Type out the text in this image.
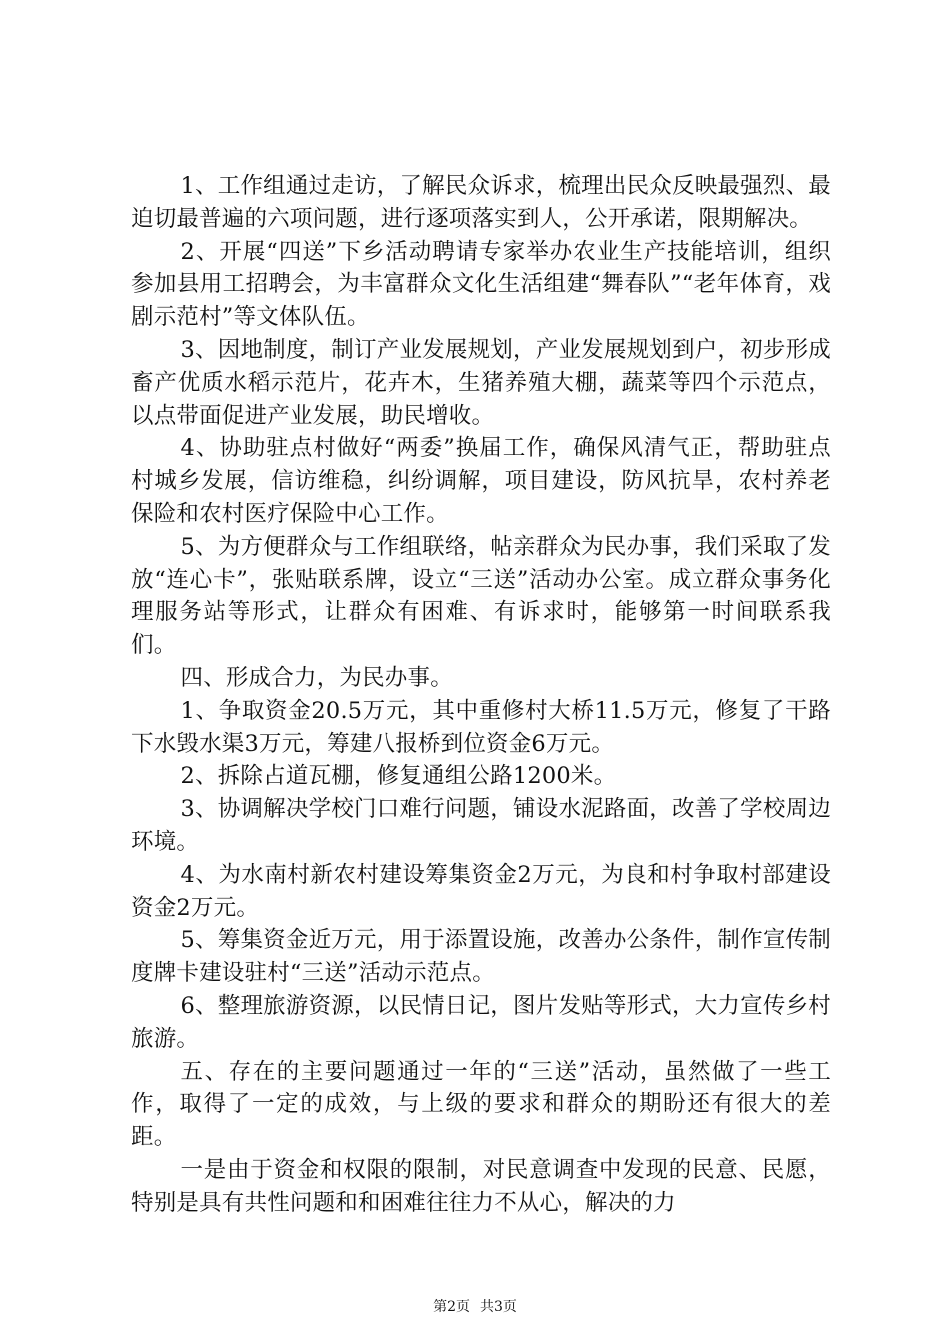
1、工作组通过走访，了解民众诉求，梳理出民众反映最强烈、最迫切最普遍的六项问题，进行逐项落实到人，公开承诺，限期解决。

2、开展“四送”下乡活动聘请专家举办农业生产技能培训，组织参加县用工招聘会，为丰富群众文化生活组建“舞春队”“老年体育，戏剧示范村”等文体队伍。

3、因地制度，制订产业发展规划，产业发展规划到户，初步形成畜产优质水稻示范片，花卉木，生猪养殖大棚，蔬菜等四个示范点，以点带面促进产业发展，助民增收。

4、协助驻点村做好“两委”换届工作，确保风清气正，帮助驻点村城乡发展，信访维稳，纠纷调解，项目建设，防风抗旱，农村养老保险和农村医疗保险中心工作。

5、为方便群众与工作组联络，帖亲群众为民办事，我们采取了发放“连心卡”，张贴联系牌，设立“三送”活动办公室。成立群众事务化理服务站等形式，让群众有困难、有诉求时，能够第一时间联系我们。

四、形成合力，为民办事。

1、争取资金20.5万元，其中重修村大桥11.5万元，修复了干路下水毁水渠3万元，筹建八报桥到位资金6万元。

2、拆除占道瓦棚，修复通组公路1200米。

3、协调解决学校门口难行问题，铺设水泥路面，改善了学校周边环境。

4、为水南村新农村建设筹集资金2万元，为良和村争取村部建设资金2万元。

5、筹集资金近万元，用于添置设施，改善办公条件，制作宣传制度牌卡建设驻村“三送”活动示范点。

6、整理旅游资源，以民情日记，图片发贴等形式，大力宣传乡村旅游。

五、存在的主要问题通过一年的“三送”活动，虽然做了一些工作，取得了一定的成效，与上级的要求和群众的期盼还有很大的差距。

一是由于资金和权限的限制，对民意调查中发现的民意、民愿，特别是具有共性问题和和困难往往力不从心，解决的力

第2页 共3页
